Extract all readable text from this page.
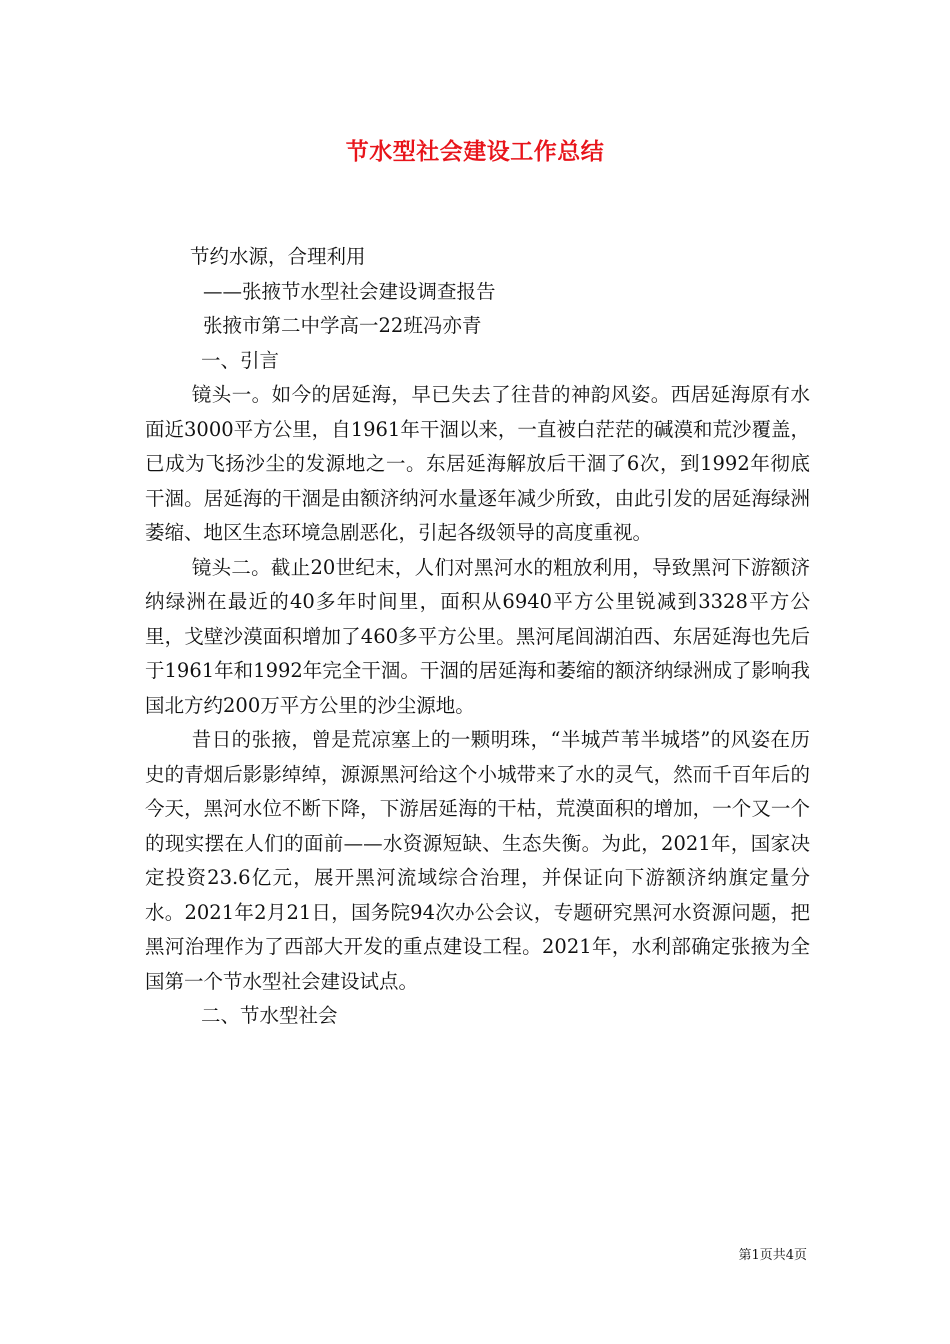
节水型社会建设工作总结

节约水源，合理利用

——张掖节水型社会建设调查报告

张掖市第二中学高一22班冯亦青

一、引言

镜头一。如今的居延海，早已失去了往昔的神韵风姿。西居延海原有水面近3000平方公里，自1961年干涸以来，一直被白茫茫的碱漠和荒沙覆盖，已成为飞扬沙尘的发源地之一。东居延海解放后干涸了6次，到1992年彻底干涸。居延海的干涸是由额济纳河水量逐年减少所致，由此引发的居延海绿洲萎缩、地区生态环境急剧恶化，引起各级领导的高度重视。

镜头二。截止20世纪末，人们对黑河水的粗放利用，导致黑河下游额济纳绿洲在最近的40多年时间里，面积从6940平方公里锐减到3328平方公里，戈壁沙漠面积增加了460多平方公里。黑河尾闾湖泊西、东居延海也先后于1961年和1992年完全干涸。干涸的居延海和萎缩的额济纳绿洲成了影响我国北方约200万平方公里的沙尘源地。

昔日的张掖，曾是荒凉塞上的一颗明珠，“半城芦苇半城塔”的风姿在历史的青烟后影影绰绰，源源黑河给这个小城带来了水的灵气，然而千百年后的今天，黑河水位不断下降，下游居延海的干枯，荒漠面积的增加，一个又一个的现实摆在人们的面前——水资源短缺、生态失衡。为此，2021年，国家决定投资23.6亿元，展开黑河流域综合治理，并保证向下游额济纳旗定量分水。2021年2月21日，国务院94次办公会议，专题研究黑河水资源问题，把黑河治理作为了西部大开发的重点建设工程。2021年，水利部确定张掖为全国第一个节水型社会建设试点。

二、节水型社会

第1页共4页
